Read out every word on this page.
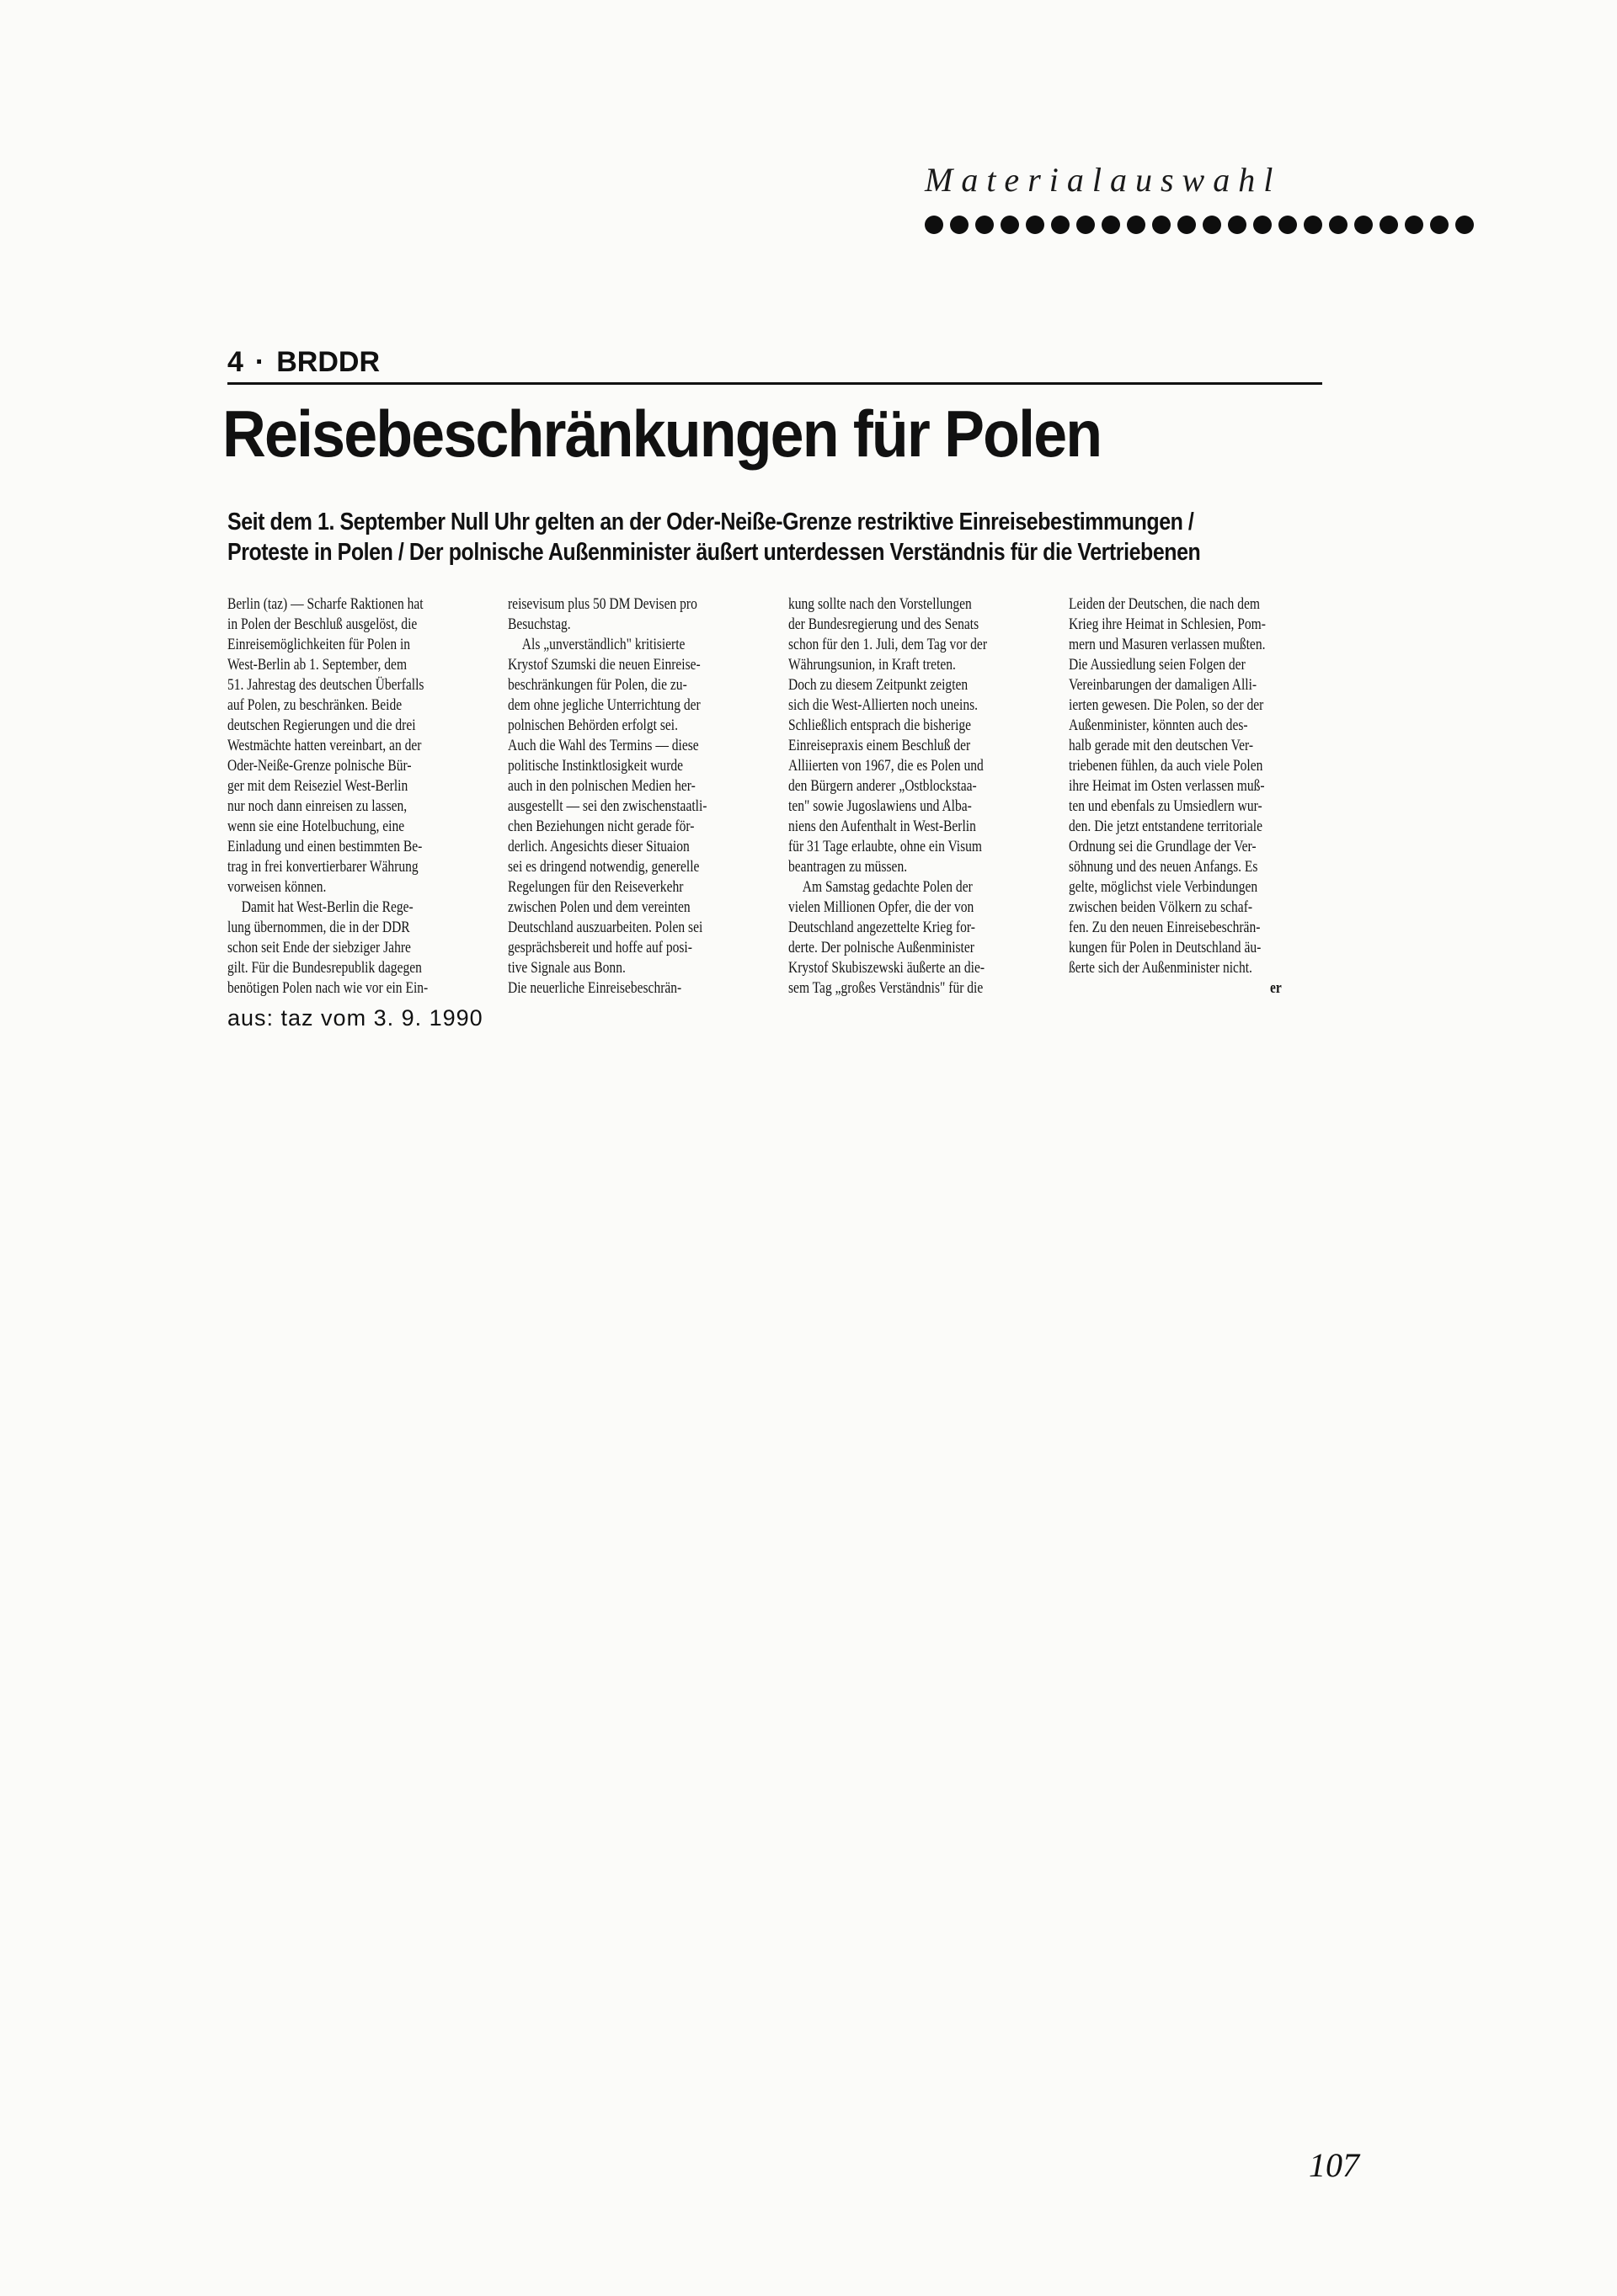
Materialauswahl
4 · BRDDR
Reisebeschränkungen für Polen
Seit dem 1. September Null Uhr gelten an der Oder-Neiße-Grenze restriktive Einreisebestimmungen /
Proteste in Polen / Der polnische Außenminister äußert unterdessen Verständnis für die Vertriebenen
Berlin (taz) — Scharfe Raktionen hat
in Polen der Beschluß ausgelöst, die
Einreisemöglichkeiten für Polen in
West-Berlin ab 1. September, dem
51. Jahrestag des deutschen Überfalls
auf Polen, zu beschränken. Beide
deutschen Regierungen und die drei
Westmächte hatten vereinbart, an der
Oder-Neiße-Grenze polnische Bür-
ger mit dem Reiseziel West-Berlin
nur noch dann einreisen zu lassen,
wenn sie eine Hotelbuchung, eine
Einladung und einen bestimmten Be-
trag in frei konvertierbarer Währung
vorweisen können.
Damit hat West-Berlin die Rege-
lung übernommen, die in der DDR
schon seit Ende der siebziger Jahre
gilt. Für die Bundesrepublik dagegen
benötigen Polen nach wie vor ein Ein-
reisevisum plus 50 DM Devisen pro
Besuchstag.
Als „unverständlich" kritisierte
Krystof Szumski die neuen Einreise-
beschränkungen für Polen, die zu-
dem ohne jegliche Unterrichtung der
polnischen Behörden erfolgt sei.
Auch die Wahl des Termins — diese
politische Instinktlosigkeit wurde
auch in den polnischen Medien her-
ausgestellt — sei den zwischenstaatli-
chen Beziehungen nicht gerade för-
derlich. Angesichts dieser Situaion
sei es dringend notwendig, generelle
Regelungen für den Reiseverkehr
zwischen Polen und dem vereinten
Deutschland auszuarbeiten. Polen sei
gesprächsbereit und hoffe auf posi-
tive Signale aus Bonn.
Die neuerliche Einreisebeschrän-
kung sollte nach den Vorstellungen
der Bundesregierung und des Senats
schon für den 1. Juli, dem Tag vor der
Währungsunion, in Kraft treten.
Doch zu diesem Zeitpunkt zeigten
sich die West-Allierten noch uneins.
Schließlich entsprach die bisherige
Einreisepraxis einem Beschluß der
Alliierten von 1967, die es Polen und
den Bürgern anderer „Ostblockstaa-
ten" sowie Jugoslawiens und Alba-
niens den Aufenthalt in West-Berlin
für 31 Tage erlaubte, ohne ein Visum
beantragen zu müssen.
Am Samstag gedachte Polen der
vielen Millionen Opfer, die der von
Deutschland angezettelte Krieg for-
derte. Der polnische Außenminister
Krystof Skubiszewski äußerte an die-
sem Tag „großes Verständnis" für die
Leiden der Deutschen, die nach dem
Krieg ihre Heimat in Schlesien, Pom-
mern und Masuren verlassen mußten.
Die Aussiedlung seien Folgen der
Vereinbarungen der damaligen Alli-
ierten gewesen. Die Polen, so der der
Außenminister, könnten auch des-
halb gerade mit den deutschen Ver-
triebenen fühlen, da auch viele Polen
ihre Heimat im Osten verlassen muß-
ten und ebenfals zu Umsiedlern wur-
den. Die jetzt entstandene territoriale
Ordnung sei die Grundlage der Ver-
söhnung und des neuen Anfangs. Es
gelte, möglichst viele Verbindungen
zwischen beiden Völkern zu schaf-
fen. Zu den neuen Einreisebeschrän-
kungen für Polen in Deutschland äu-
ßerte sich der Außenminister nicht.
er
aus: taz vom 3. 9. 1990
107
